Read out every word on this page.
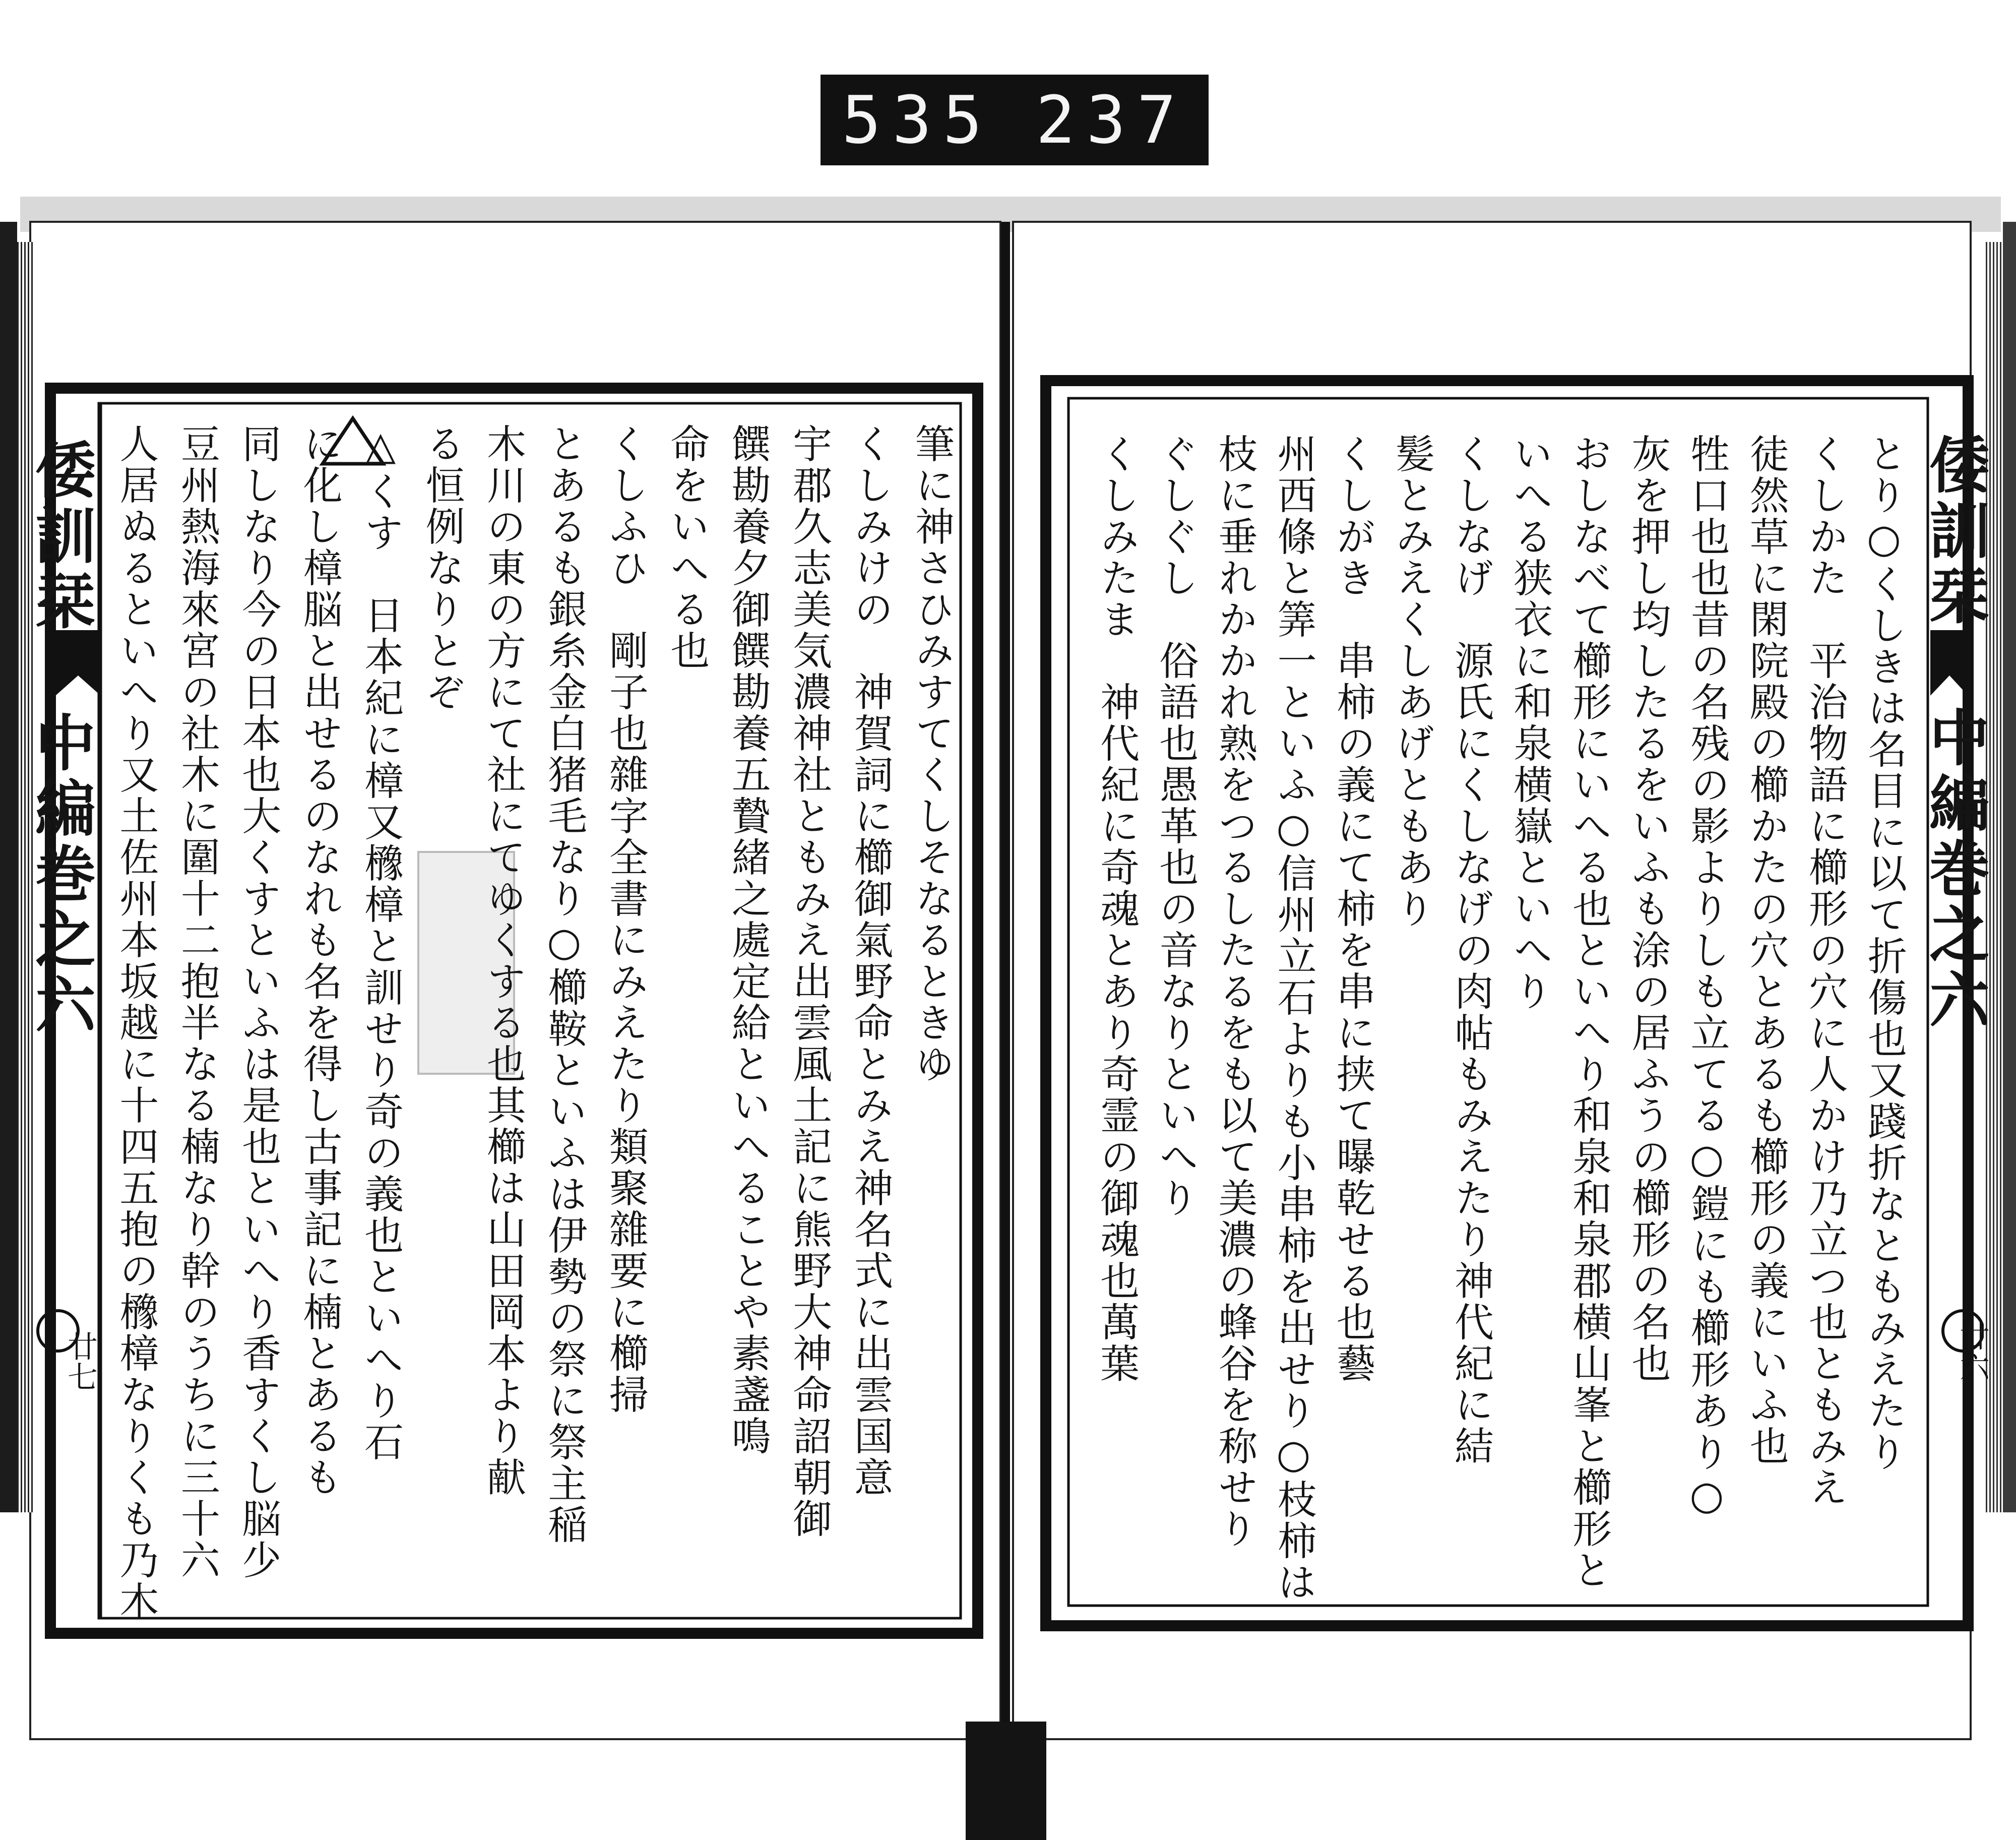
535 237
倭訓栞 中編巻之六	倭訓栞 中編巻之六
廿七	廿六
筆に神さひみすてくしそなるときゆ
くしみけの　神賀詞に櫛御氣野命とみえ神名式に出雲国意
宇郡久志美気濃神社ともみえ出雲風土記に熊野大神命詔朝御
饌勘養夕御饌勘養五贄緒之處定給といへることや素盞鳴
命をいへる也
くしふひ　剛子也雜字全書にみえたり類聚雜要に櫛掃
とあるも銀糸金白猪毛なり○櫛鞍といふは伊勢の祭に祭主稲
木川の東の方にて社にてゆくする也其櫛は山田岡本より献
る恒例なりとぞ
△くす　日本紀に樟又櫲樟と訓せり奇の義也といへり石
に化し樟脳と出せるのなれも名を得し古事記に楠とあるも
同しなり今の日本也大くすといふは是也といへり香すくし脳少
豆州熱海來宮の社木に圍十二抱半なる楠なり幹のうちに三十六
人居ぬるといへり又土佐州本坂越に十四五抱の櫲樟なりくも乃木	とり○くしきは名目に以て折傷也又踐折なともみえたり
くしかた　平治物語に櫛形の穴に人かけ乃立つ也ともみえ
徒然草に閑院殿の櫛かたの穴とあるも櫛形の義にいふ也
牲口也也昔の名残の影よりしも立てる○鎧にも櫛形あり○
灰を押し均したるをいふも涂の居ふうの櫛形の名也
おしなべて櫛形にいへる也といへり和泉和泉郡横山峯と櫛形と
いへる狭衣に和泉横嶽といへり
くしなげ　源氏にくしなげの肉帖もみえたり神代紀に結
髪とみえくしあげともあり
くしがき　串柿の義にて柿を串に挟て曝乾せる也藝
州西條と筭一といふ○信州立石よりも小串柿を出せり○枝柿は
枝に垂れかかれ熟をつるしたるをも以て美濃の蜂谷を称せり
ぐしぐし　俗語也愚革也の音なりといへり
くしみたま　神代紀に奇魂とあり奇霊の御魂也萬葉
